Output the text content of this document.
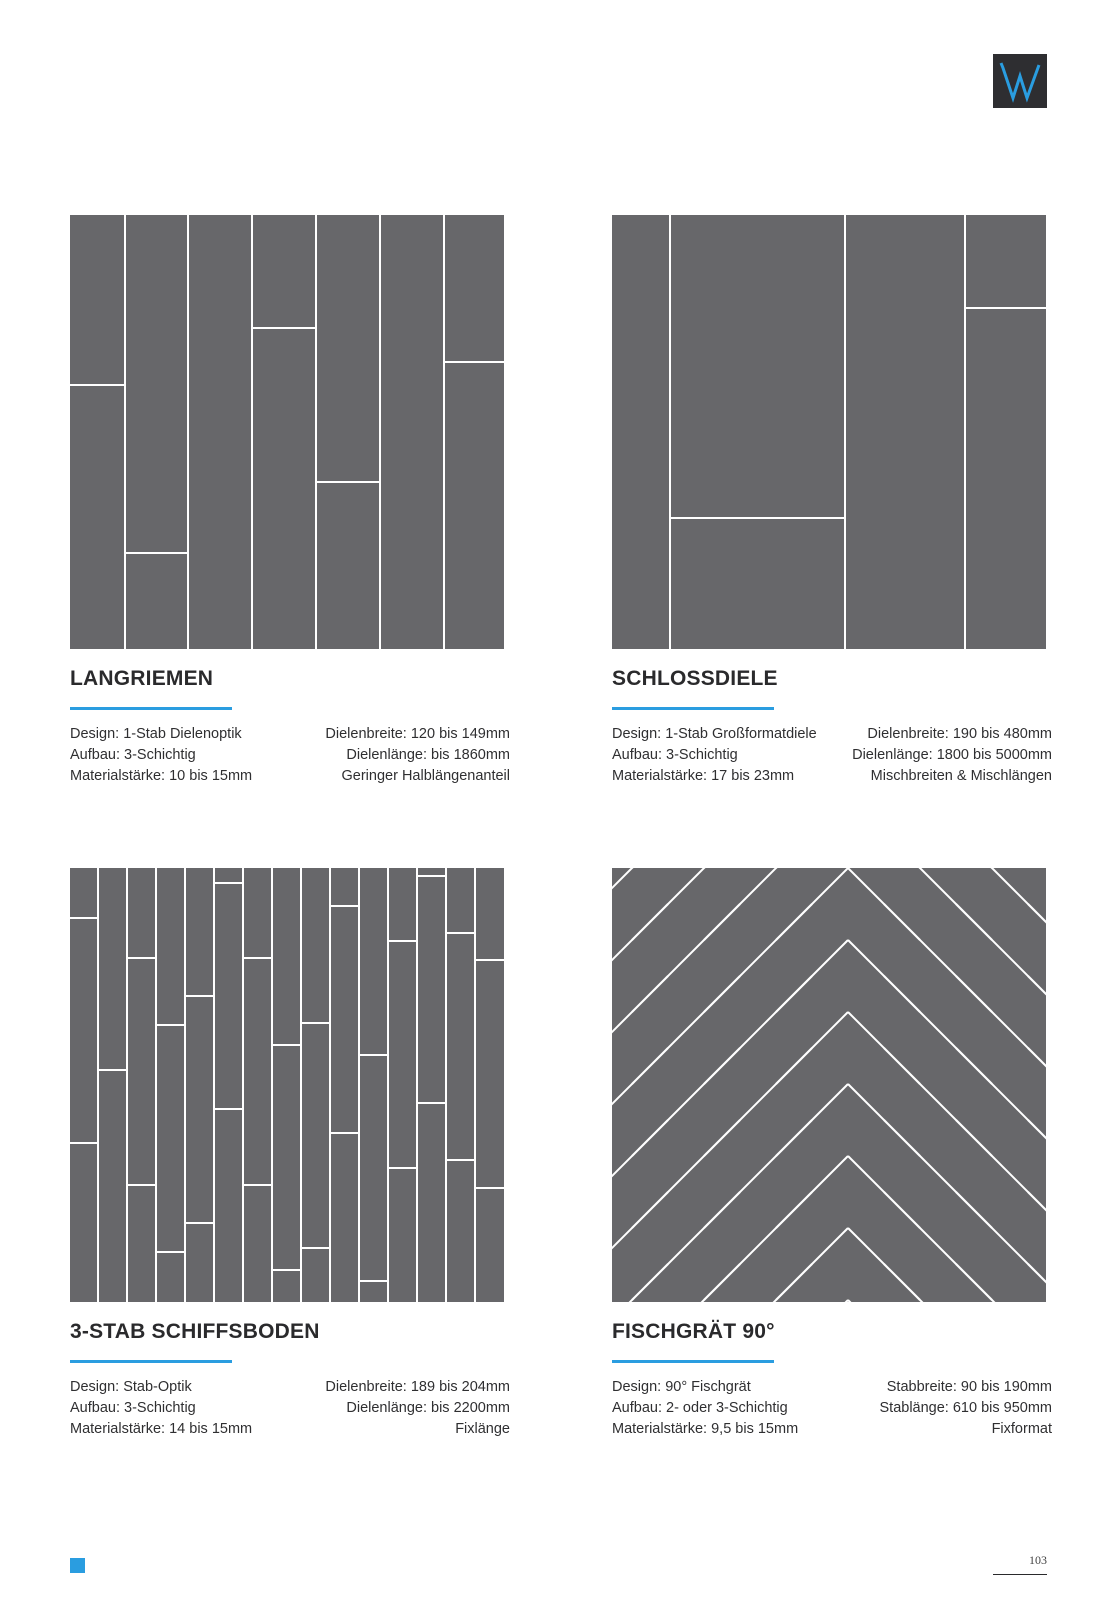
LANGRIEMEN
Design: 1-Stab Dielenoptik
Aufbau: 3-Schichtig
Materialstärke: 10 bis 15mm
Dielenbreite: 120 bis 149mm
Dielenlänge: bis 1860mm
Geringer Halblängenanteil
SCHLOSSDIELE
Design: 1-Stab Großformatdiele
Aufbau: 3-Schichtig
Materialstärke: 17 bis 23mm
Dielenbreite: 190 bis 480mm
Dielenlänge: 1800 bis 5000mm
Mischbreiten & Mischlängen
3-STAB SCHIFFSBODEN
Design: Stab-Optik
Aufbau: 3-Schichtig
Materialstärke: 14 bis 15mm
Dielenbreite: 189 bis 204mm
Dielenlänge: bis 2200mm
Fixlänge
FISCHGRÄT 90°
Design: 90° Fischgrät
Aufbau: 2- oder 3-Schichtig
Materialstärke: 9,5 bis 15mm
Stabbreite: 90 bis 190mm
Stablänge: 610 bis 950mm
Fixformat
103
